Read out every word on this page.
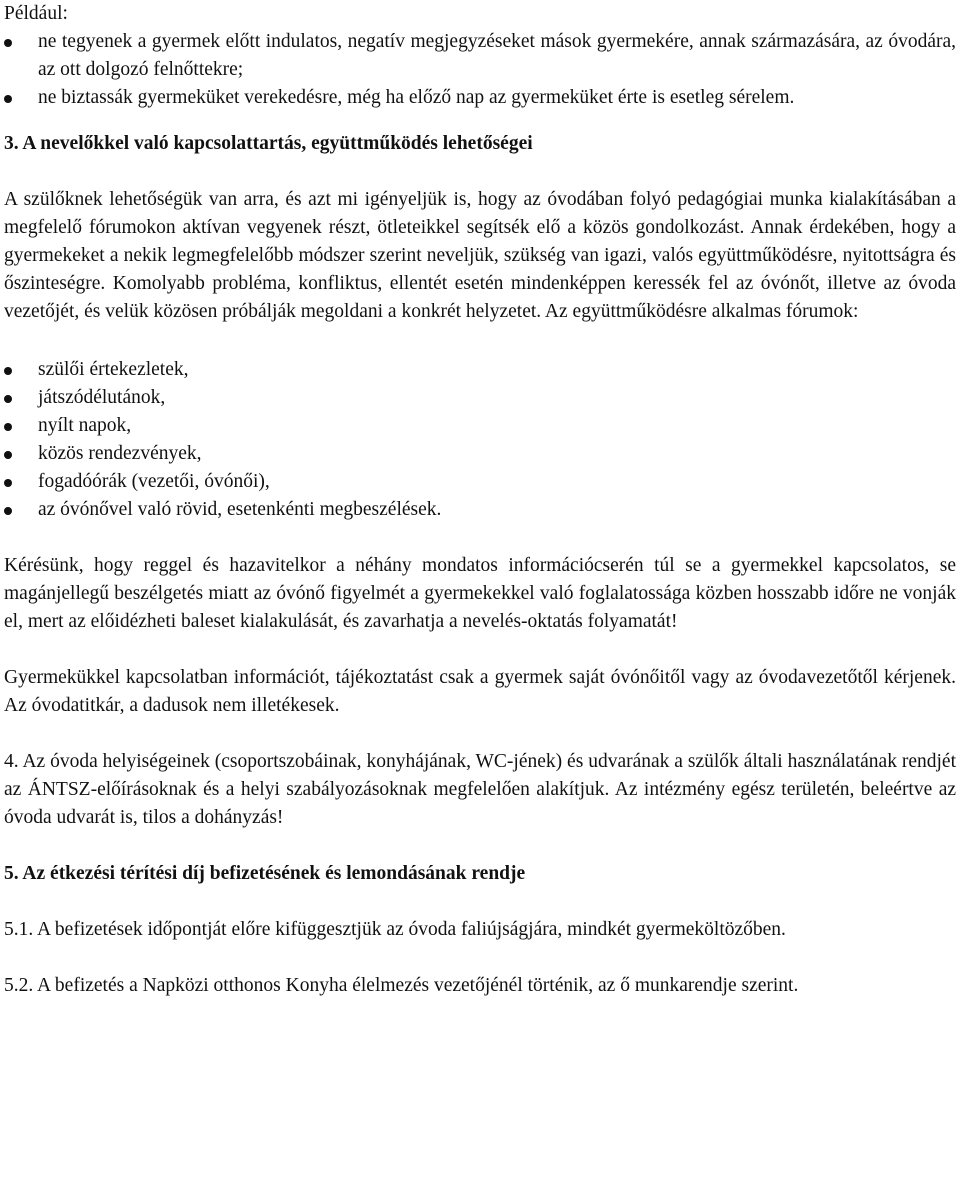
Például:

ne tegyenek a gyermek előtt indulatos, negatív megjegyzéseket mások gyermekére, annak származására, az óvodára, az ott dolgozó felnőttekre;
ne biztassák gyermeküket verekedésre, még ha előző nap az gyermeküket érte is esetleg sérelem.

3. A nevelőkkel való kapcsolattartás, együttműködés lehetőségei

A szülőknek lehetőségük van arra, és azt mi igényeljük is, hogy az óvodában folyó pedagógiai munka kialakításában a megfelelő fórumokon aktívan vegyenek részt, ötleteikkel segítsék elő a közös gondolkozást. Annak érdekében, hogy a gyermekeket a nekik legmegfelelőbb módszer szerint neveljük, szükség van igazi, valós együttműködésre, nyitottságra és őszinteségre. Komolyabb probléma, konfliktus, ellentét esetén mindenképpen keressék fel az óvónőt, illetve az óvoda vezetőjét, és velük közösen próbálják megoldani a konkrét helyzetet. Az együttműködésre alkalmas fórumok:

szülői értekezletek,
játszódélutánok,
nyílt napok,
közös rendezvények,
fogadóórák (vezetői, óvónői),
az óvónővel való rövid, esetenkénti megbeszélések.

Kérésünk, hogy reggel és hazavitelkor a néhány mondatos információcserén túl se a gyermekkel kapcsolatos, se magánjellegű beszélgetés miatt az óvónő figyelmét a gyermekekkel való foglalatossága közben hosszabb időre ne vonják el, mert az előidézheti baleset kialakulását, és zavarhatja a nevelés-oktatás folyamatát!

Gyermekükkel kapcsolatban információt, tájékoztatást csak a gyermek saját óvónőitől vagy az óvodavezetőtől kérjenek. Az óvodatitkár, a dadusok nem illetékesek.

4. Az óvoda helyiségeinek (csoportszobáinak, konyhájának, WC-jének) és udvarának a szülők általi használatának rendjét az ÁNTSZ-előírásoknak és a helyi szabályozásoknak megfelelően alakítjuk. Az intézmény egész területén, beleértve az óvoda udvarát is, tilos a dohányzás!

5. Az étkezési térítési díj befizetésének és lemondásának rendje

5.1. A befizetések időpontját előre kifüggesztjük az óvoda faliújságjára, mindkét gyermeköltözőben.

5.2. A befizetés a Napközi otthonos Konyha élelmezés vezetőjénél történik, az ő munkarendje szerint.
